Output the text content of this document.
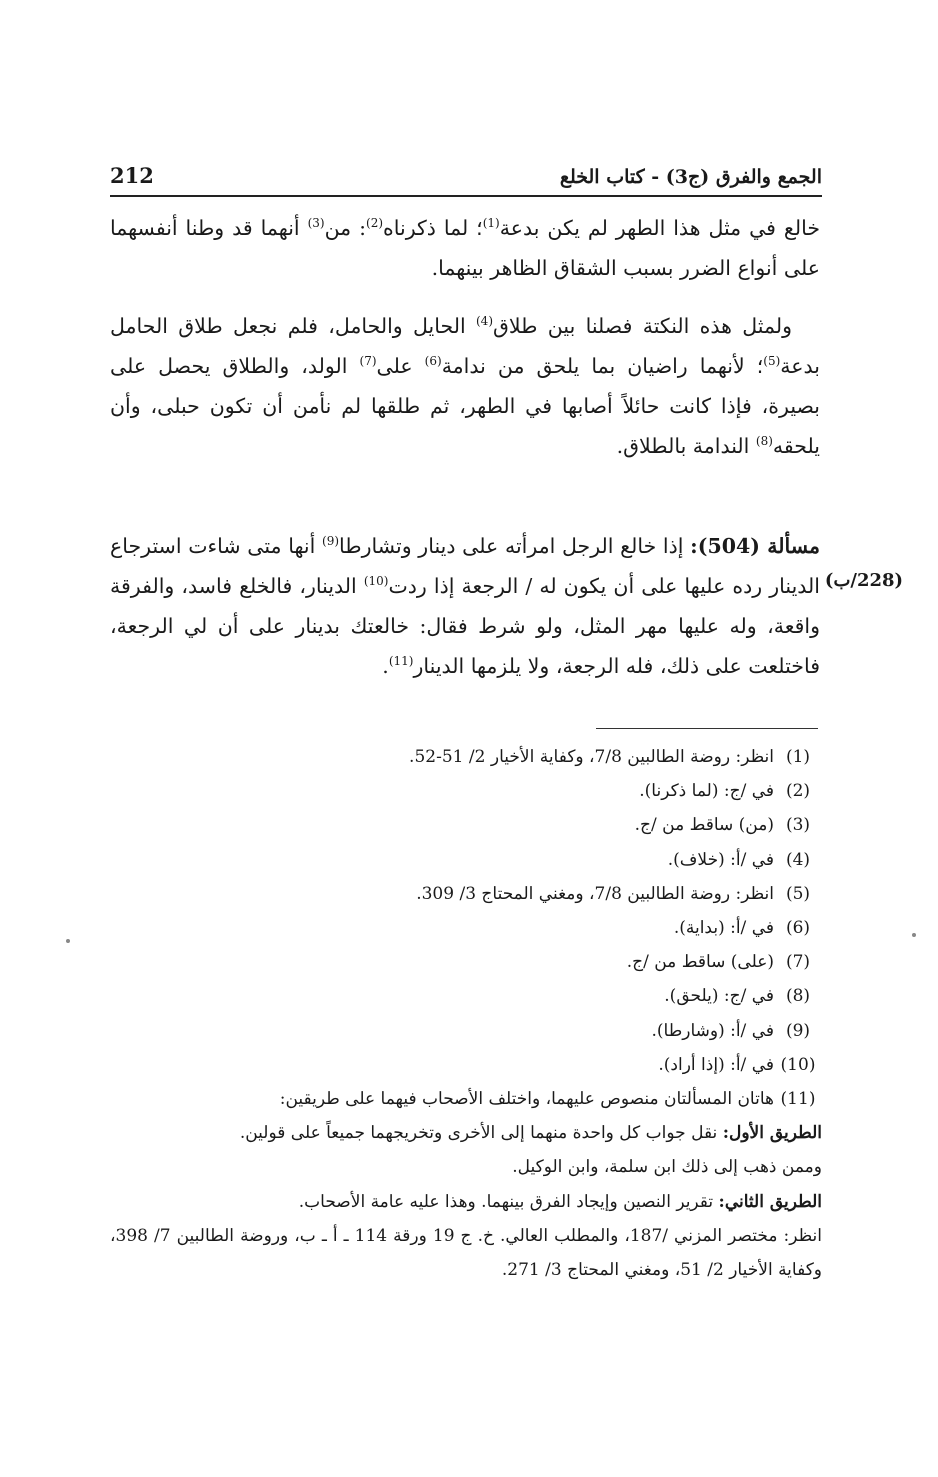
212	الجمع والفرق (ج3) - كتاب الخلع
خالع في مثل هذا الطهر لم يكن بدعة$^{(1)}$؛ لما ذكرناه$^{(2)}$: من$^{(3)}$ أنهما قد وطنا أنفسهما على أنواع الضرر بسبب الشقاق الظاهر بينهما.
ولمثل هذه النكتة فصلنا بين طلاق$^{(4)}$ الحايل والحامل، فلم نجعل طلاق الحامل بدعة$^{(5)}$؛ لأنهما راضيان بما يلحق من ندامة$^{(6)}$ على$^{(7)}$ الولد، والطلاق يحصل على بصيرة، فإذا كانت حائلاً أصابها في الطهر، ثم طلقها لم نأمن أن تكون حبلى، وأن يلحقه$^{(8)}$ الندامة بالطلاق.
مسألة (504): إذا خالع الرجل امرأته على دينار وتشارطا$^{(9)}$ أنها متى شاءت استرجاع الدينار رده عليها على أن يكون له / الرجعة إذا ردت$^{(10)}$ الدينار، فالخلع فاسد، والفرقة واقعة، وله عليها مهر المثل، ولو شرط فقال: خالعتك بدينار على أن لي الرجعة، فاختلعت على ذلك، فله الرجعة، ولا يلزمها الدينار$^{(11)}$.
(228/ب)
(1)
انظر: روضة الطالبين 7/8، وكفاية الأخيار 2/ 51-52.
(2)
في /ج: (لما ذكرنا).
(3)
(من) ساقط من /ج.
(4)
في /أ: (خلاف).
(5)
انظر: روضة الطالبين 7/8، ومغني المحتاج 3/ 309.
(6)
في /أ: (بداية).
(7)
(على) ساقط من /ج.
(8)
في /ج: (يلحق).
(9)
في /أ: (وشارطا).
(10)
في /أ: (إذا أراد).
(11)
هاتان المسألتان منصوص عليهما، واختلف الأصحاب فيهما على طريقين:
الطريق الأول: نقل جواب كل واحدة منهما إلى الأخرى وتخريجهما جميعاً على قولين.
وممن ذهب إلى ذلك ابن سلمة، وابن الوكيل.
الطريق الثاني: تقرير النصين وإيجاد الفرق بينهما. وهذا عليه عامة الأصحاب.
انظر: مختصر المزني /187، والمطلب العالي. خ. ج 19 ورقة 114 ـ أ ـ ب، وروضة الطالبين 7/ 398، وكفاية الأخيار 2/ 51، ومغني المحتاج 3/ 271.
